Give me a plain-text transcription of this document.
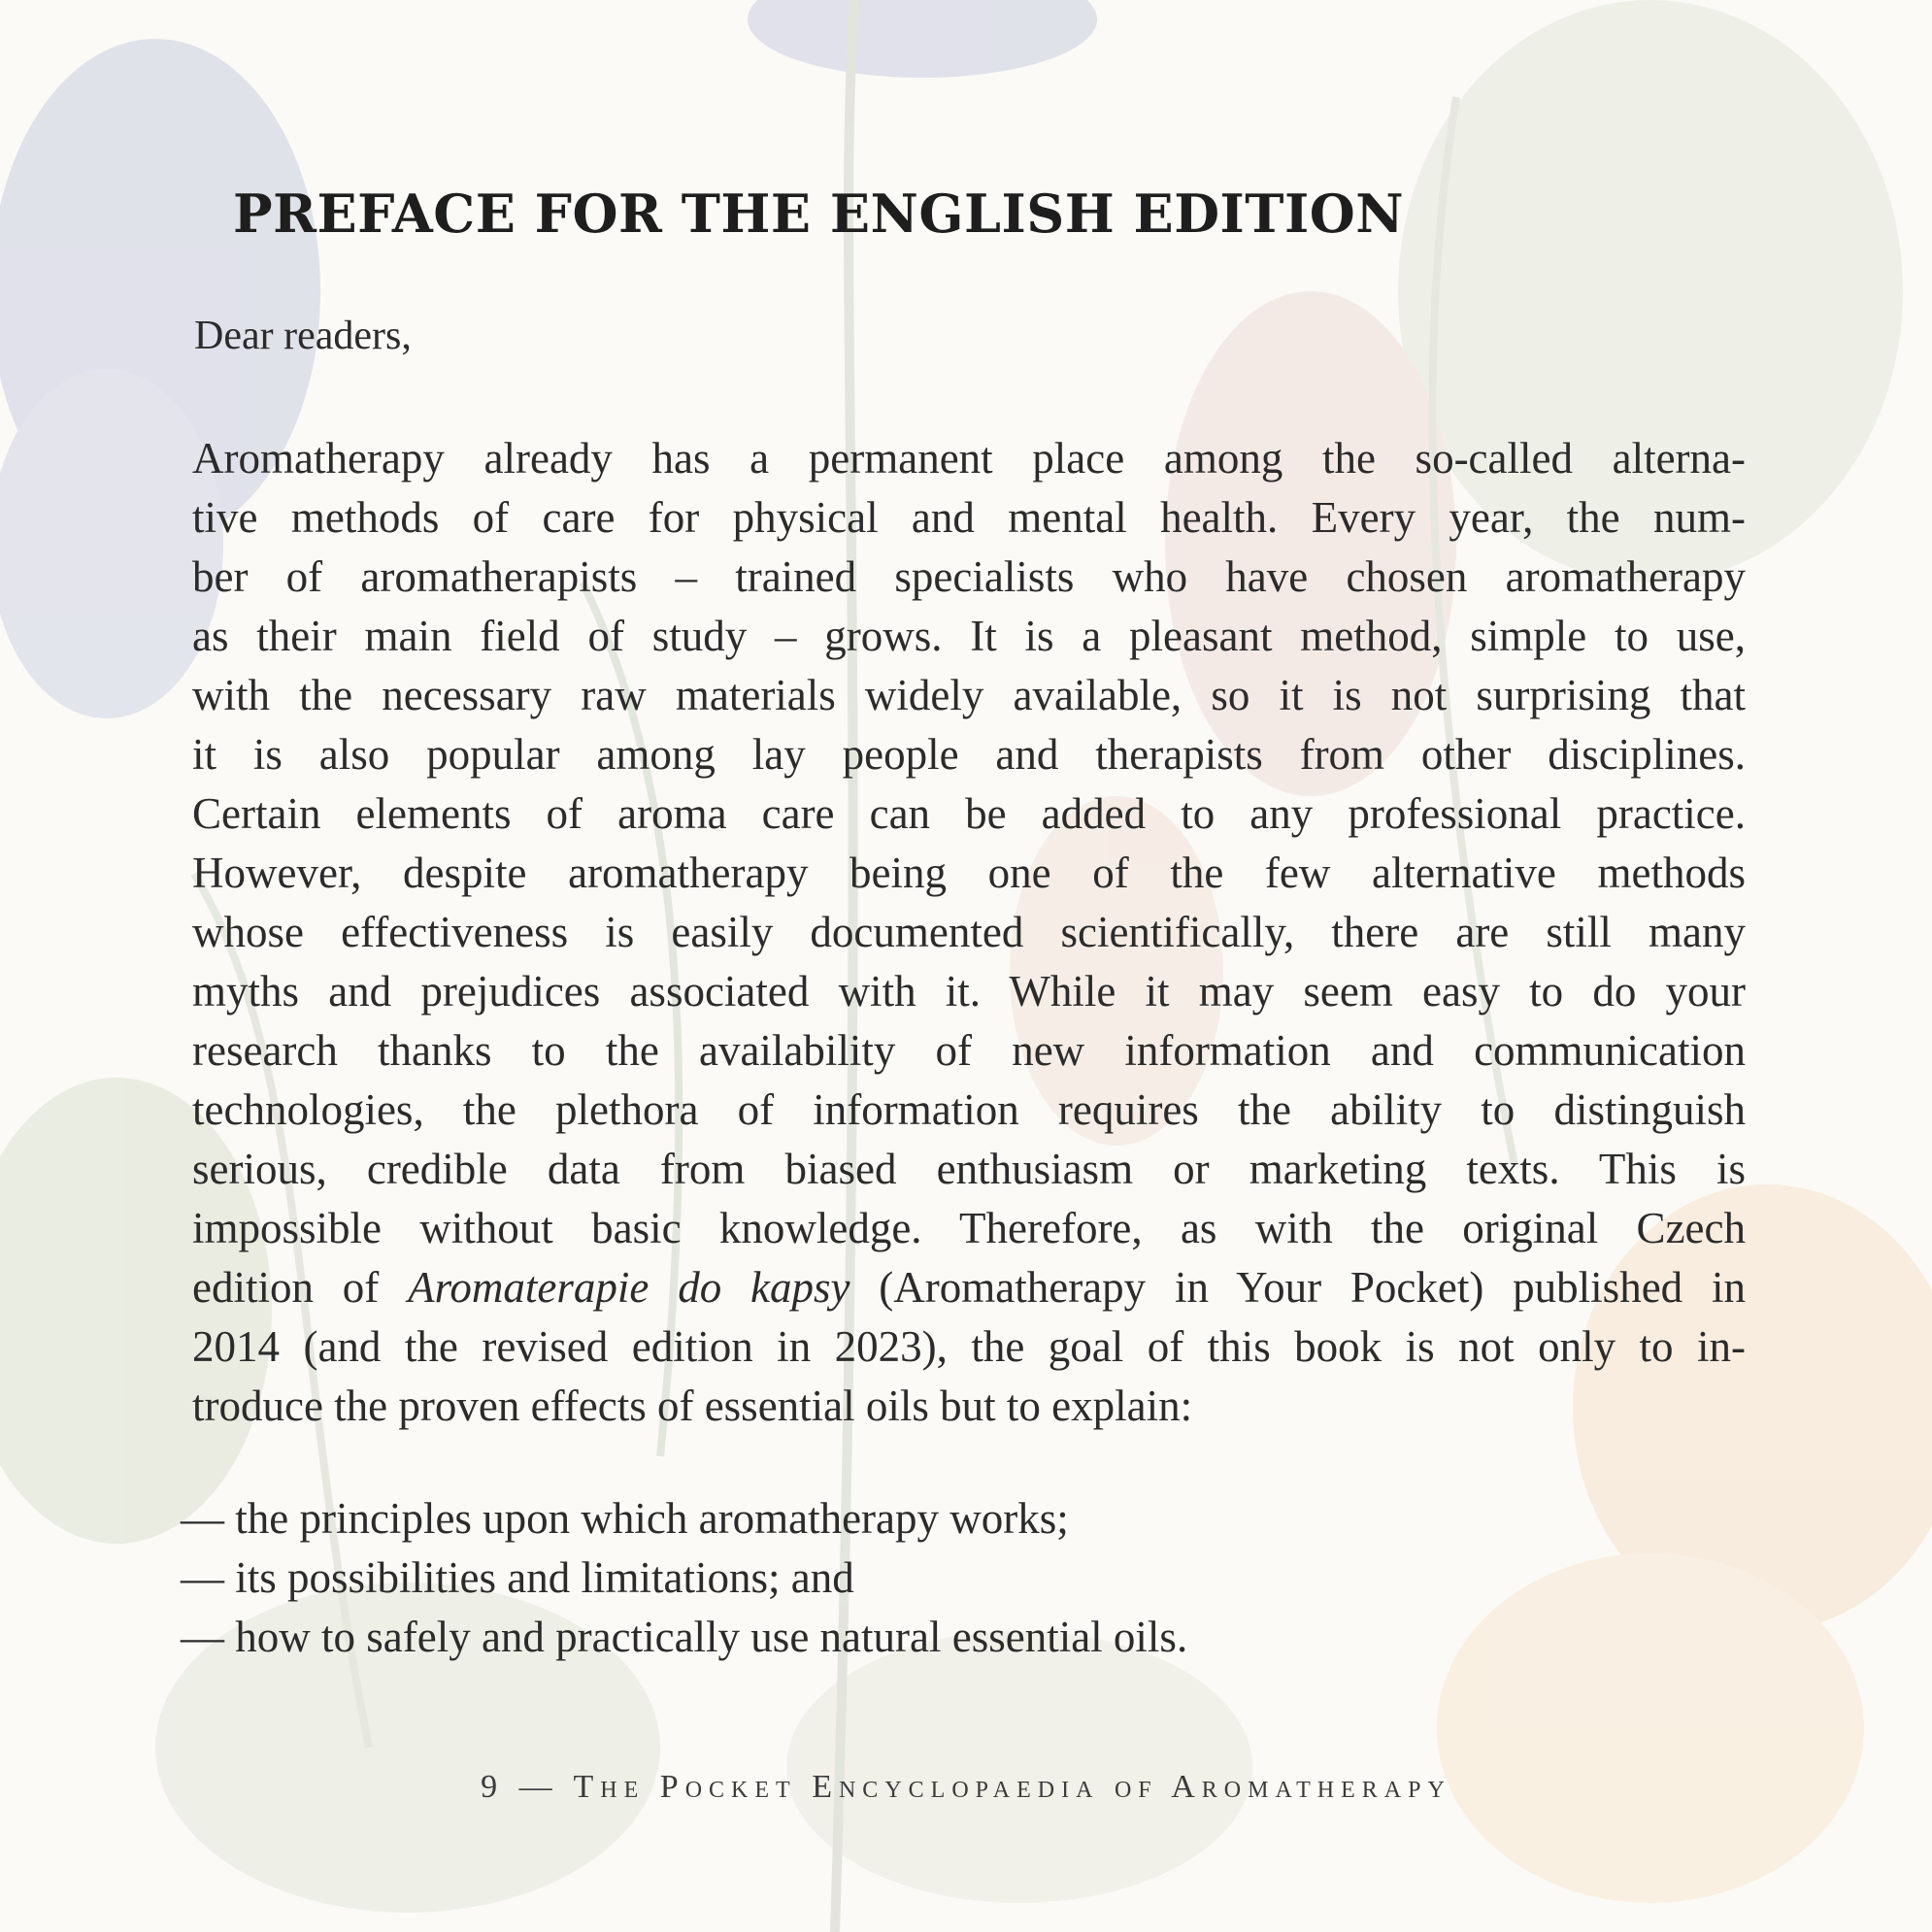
PREFACE FOR THE ENGLISH EDITION

Dear readers,

Aromatherapy already has a permanent place among the so-called alterna-
tive methods of care for physical and mental health. Every year, the num-
ber of aromatherapists – trained specialists who have chosen aromatherapy
as their main field of study – grows. It is a pleasant method, simple to use,
with the necessary raw materials widely available, so it is not surprising that
it is also popular among lay people and therapists from other disciplines.
Certain elements of aroma care can be added to any professional practice.
However, despite aromatherapy being one of the few alternative methods
whose effectiveness is easily documented scientifically, there are still many
myths and prejudices associated with it. While it may seem easy to do your
research thanks to the availability of new information and communication
technologies, the plethora of information requires the ability to distinguish
serious, credible data from biased enthusiasm or marketing texts. This is
impossible without basic knowledge. Therefore, as with the original Czech
edition of Aromaterapie do kapsy (Aromatherapy in Your Pocket) published in
2014 (and the revised edition in 2023), the goal of this book is not only to in-
troduce the proven effects of essential oils but to explain:
— the principles upon which aromatherapy works;
— its possibilities and limitations; and
— how to safely and practically use natural essential oils.
9 — The Pocket Encyclopaedia of Aromatherapy
